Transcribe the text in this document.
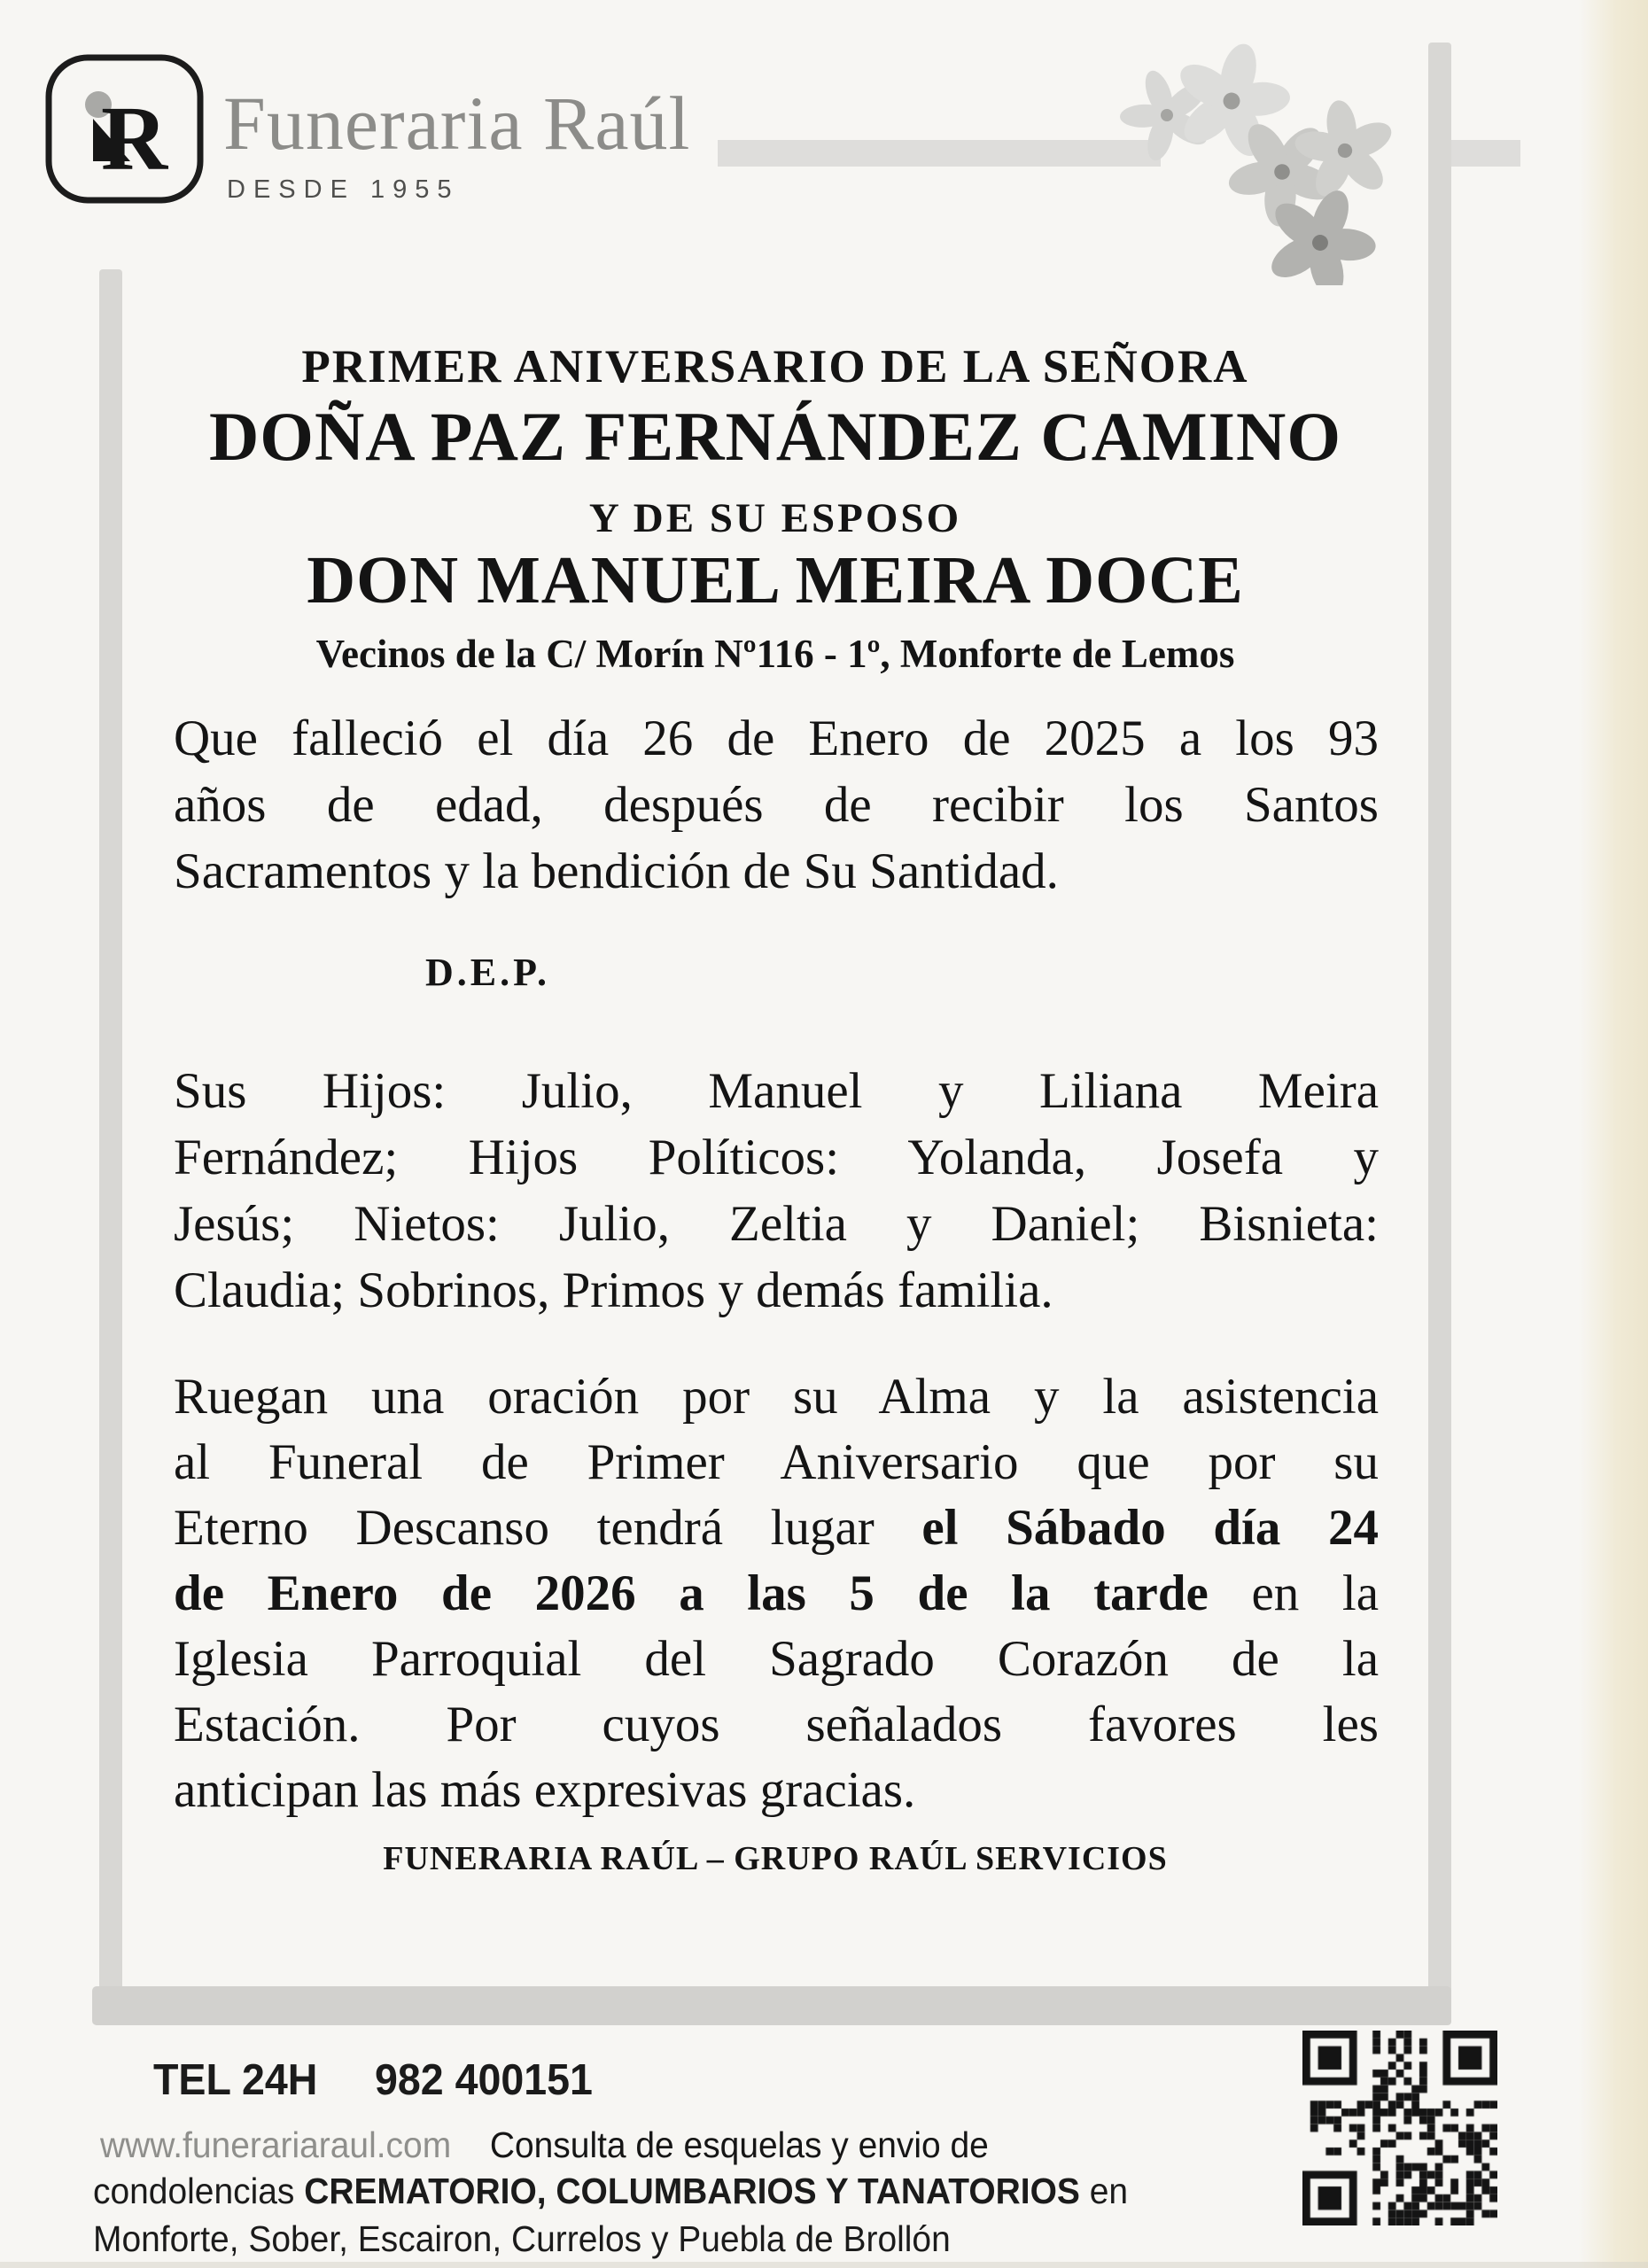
R Funeraria Raúl
DESDE 1955
PRIMER ANIVERSARIO DE LA SEÑORA
DOÑA PAZ FERNÁNDEZ CAMINO
Y DE SU ESPOSO
DON MANUEL MEIRA DOCE
Vecinos de la C/ Morín Nº116 - 1º, Monforte de Lemos
Que falleció el día 26 de Enero de 2025 a los 93
años de edad, después de recibir los Santos
Sacramentos y la bendición de Su Santidad.
D.E.P.
Sus Hijos: Julio, Manuel y Liliana Meira
Fernández; Hijos Políticos: Yolanda, Josefa y
Jesús; Nietos: Julio, Zeltia y Daniel; Bisnieta:
Claudia; Sobrinos, Primos y demás familia.
Ruegan una oración por su Alma y la asistencia
al Funeral de Primer Aniversario que por su
Eterno Descanso tendrá lugar el Sábado día 24
de Enero de 2026 a las 5 de la tarde en la
Iglesia Parroquial del Sagrado Corazón de la
Estación. Por cuyos señalados favores les
anticipan las más expresivas gracias.
FUNERARIA RAÚL – GRUPO RAÚL SERVICIOS
TEL 24H 982 400151
www.funerariaraul.com Consulta de esquelas y envio de
condolencias CREMATORIO, COLUMBARIOS Y TANATORIOS en
Monforte, Sober, Escairon, Currelos y Puebla de Brollón
